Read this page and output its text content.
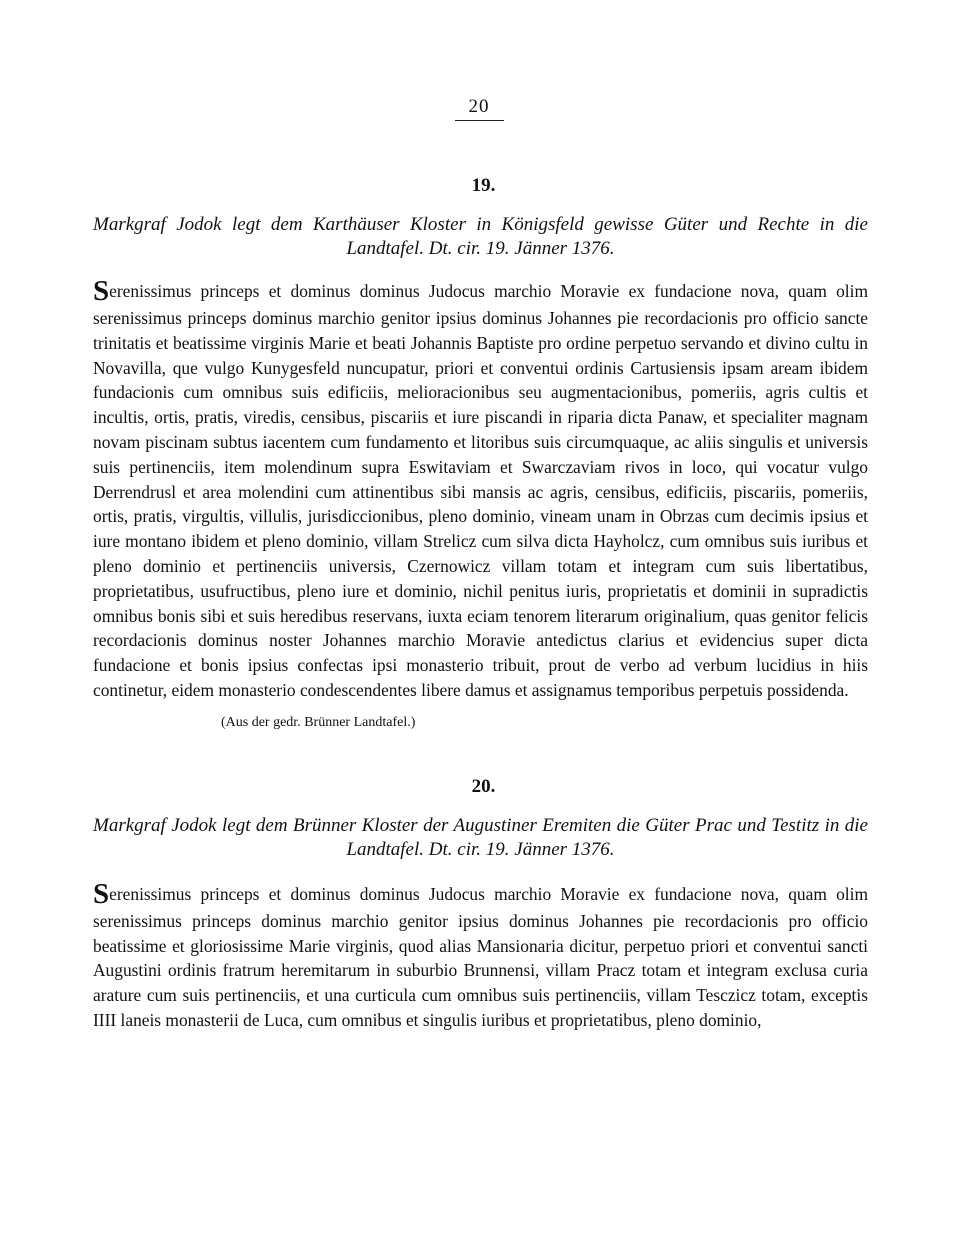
20
19.
Markgraf Jodok legt dem Karthäuser Kloster in Königsfeld gewisse Güter und Rechte in die Landtafel. Dt. cir. 19. Jänner 1376.
Serenissimus princeps et dominus dominus Judocus marchio Moravie ex fundacione nova, quam olim serenissimus princeps dominus marchio genitor ipsius dominus Johannes pie recordacionis pro officio sancte trinitatis et beatissime virginis Marie et beati Johannis Baptiste pro ordine perpetuo servando et divino cultu in Novavilla, que vulgo Kunygesfeld nuncupatur, priori et conventui ordinis Cartusiensis ipsam aream ibidem fundacionis cum omnibus suis edificiis, melioracionibus seu augmentacionibus, pomeriis, agris cultis et incultis, ortis, pratis, viredis, censibus, piscariis et iure piscandi in riparia dicta Panaw, et specialiter magnam novam piscinam subtus iacentem cum fundamento et litoribus suis circumquaque, ac aliis singulis et universis suis pertinenciis, item molendinum supra Eswitaviam et Swarczaviam rivos in loco, qui vocatur vulgo Derrendrusl et area molendini cum attinentibus sibi mansis ac agris, censibus, edificiis, piscariis, pomeriis, ortis, pratis, virgultis, villulis, jurisdiccionibus, pleno dominio, vineam unam in Obrzas cum decimis ipsius et iure montano ibidem et pleno dominio, villam Strelicz cum silva dicta Hayholcz, cum omnibus suis iuribus et pleno dominio et pertinenciis universis, Czernowicz villam totam et integram cum suis libertatibus, proprietatibus, usufructibus, pleno iure et dominio, nichil penitus iuris, proprietatis et dominii in supradictis omnibus bonis sibi et suis heredibus reservans, iuxta eciam tenorem literarum originalium, quas genitor felicis recordacionis dominus noster Johannes marchio Moravie antedictus clarius et evidencius super dicta fundacione et bonis ipsius confectas ipsi monasterio tribuit, prout de verbo ad verbum lucidius in hiis continetur, eidem monasterio condescendentes libere damus et assignamus temporibus perpetuis possidenda.
(Aus der gedr. Brünner Landtafel.)
20.
Markgraf Jodok legt dem Brünner Kloster der Augustiner Eremiten die Güter Prac und Testitz in die Landtafel. Dt. cir. 19. Jänner 1376.
Serenissimus princeps et dominus dominus Judocus marchio Moravie ex fundacione nova, quam olim serenissimus princeps dominus marchio genitor ipsius dominus Johannes pie recordacionis pro officio beatissime et gloriosissime Marie virginis, quod alias Mansionaria dicitur, perpetuo priori et conventui sancti Augustini ordinis fratrum heremitarum in suburbio Brunnensi, villam Pracz totam et integram exclusa curia arature cum suis pertinenciis, et una curticula cum omnibus suis pertinenciis, villam Tesczicz totam, exceptis IIII laneis monasterii de Luca, cum omnibus et singulis iuribus et proprietatibus, pleno dominio,
